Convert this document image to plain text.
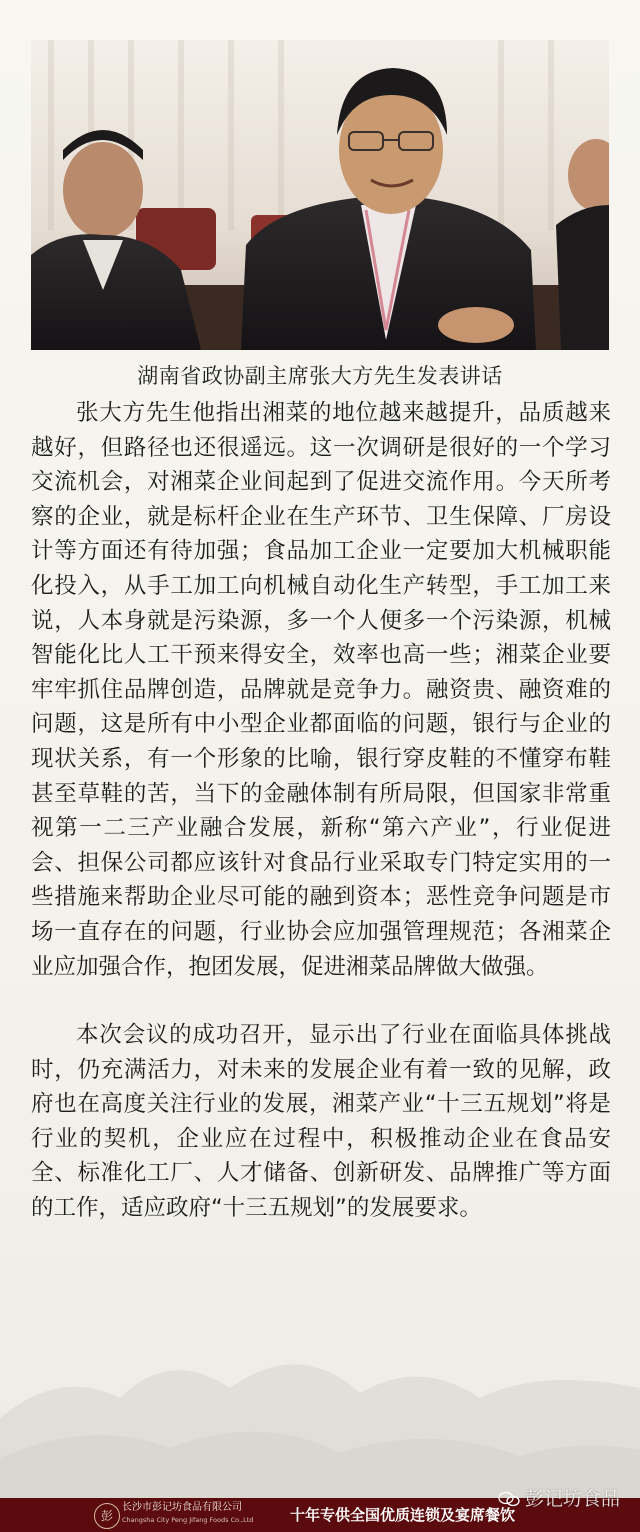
湖南省政协副主席张大方先生发表讲话

张大方先生他指出湘菜的地位越来越提升，品质越来越好，但路径也还很遥远。这一次调研是很好的一个学习交流机会，对湘菜企业间起到了促进交流作用。今天所考察的企业，就是标杆企业在生产环节、卫生保障、厂房设计等方面还有待加强；食品加工企业一定要加大机械职能化投入，从手工加工向机械自动化生产转型，手工加工来说，人本身就是污染源，多一个人便多一个污染源，机械智能化比人工干预来得安全，效率也高一些；湘菜企业要牢牢抓住品牌创造，品牌就是竞争力。融资贵、融资难的问题，这是所有中小型企业都面临的问题，银行与企业的现状关系，有一个形象的比喻，银行穿皮鞋的不懂穿布鞋甚至草鞋的苦，当下的金融体制有所局限，但国家非常重视第一二三产业融合发展，新称“第六产业”，行业促进会、担保公司都应该针对食品行业采取专门特定实用的一些措施来帮助企业尽可能的融到资本；恶性竞争问题是市场一直存在的问题，行业协会应加强管理规范；各湘菜企业应加强合作，抱团发展，促进湘菜品牌做大做强。

本次会议的成功召开，显示出了行业在面临具体挑战时，仍充满活力，对未来的发展企业有着一致的见解，政府也在高度关注行业的发展，湘菜产业“十三五规划”将是行业的契机，企业应在过程中，积极推动企业在食品安全、标准化工厂、人才储备、创新研发、品牌推广等方面的工作，适应政府“十三五规划”的发展要求。

彭
长沙市彭记坊食品有限公司
Changsha City Peng Jifang Foods Co.,Ltd 十年专供全国优质连锁及宴席餐饮
彭记坊食品
